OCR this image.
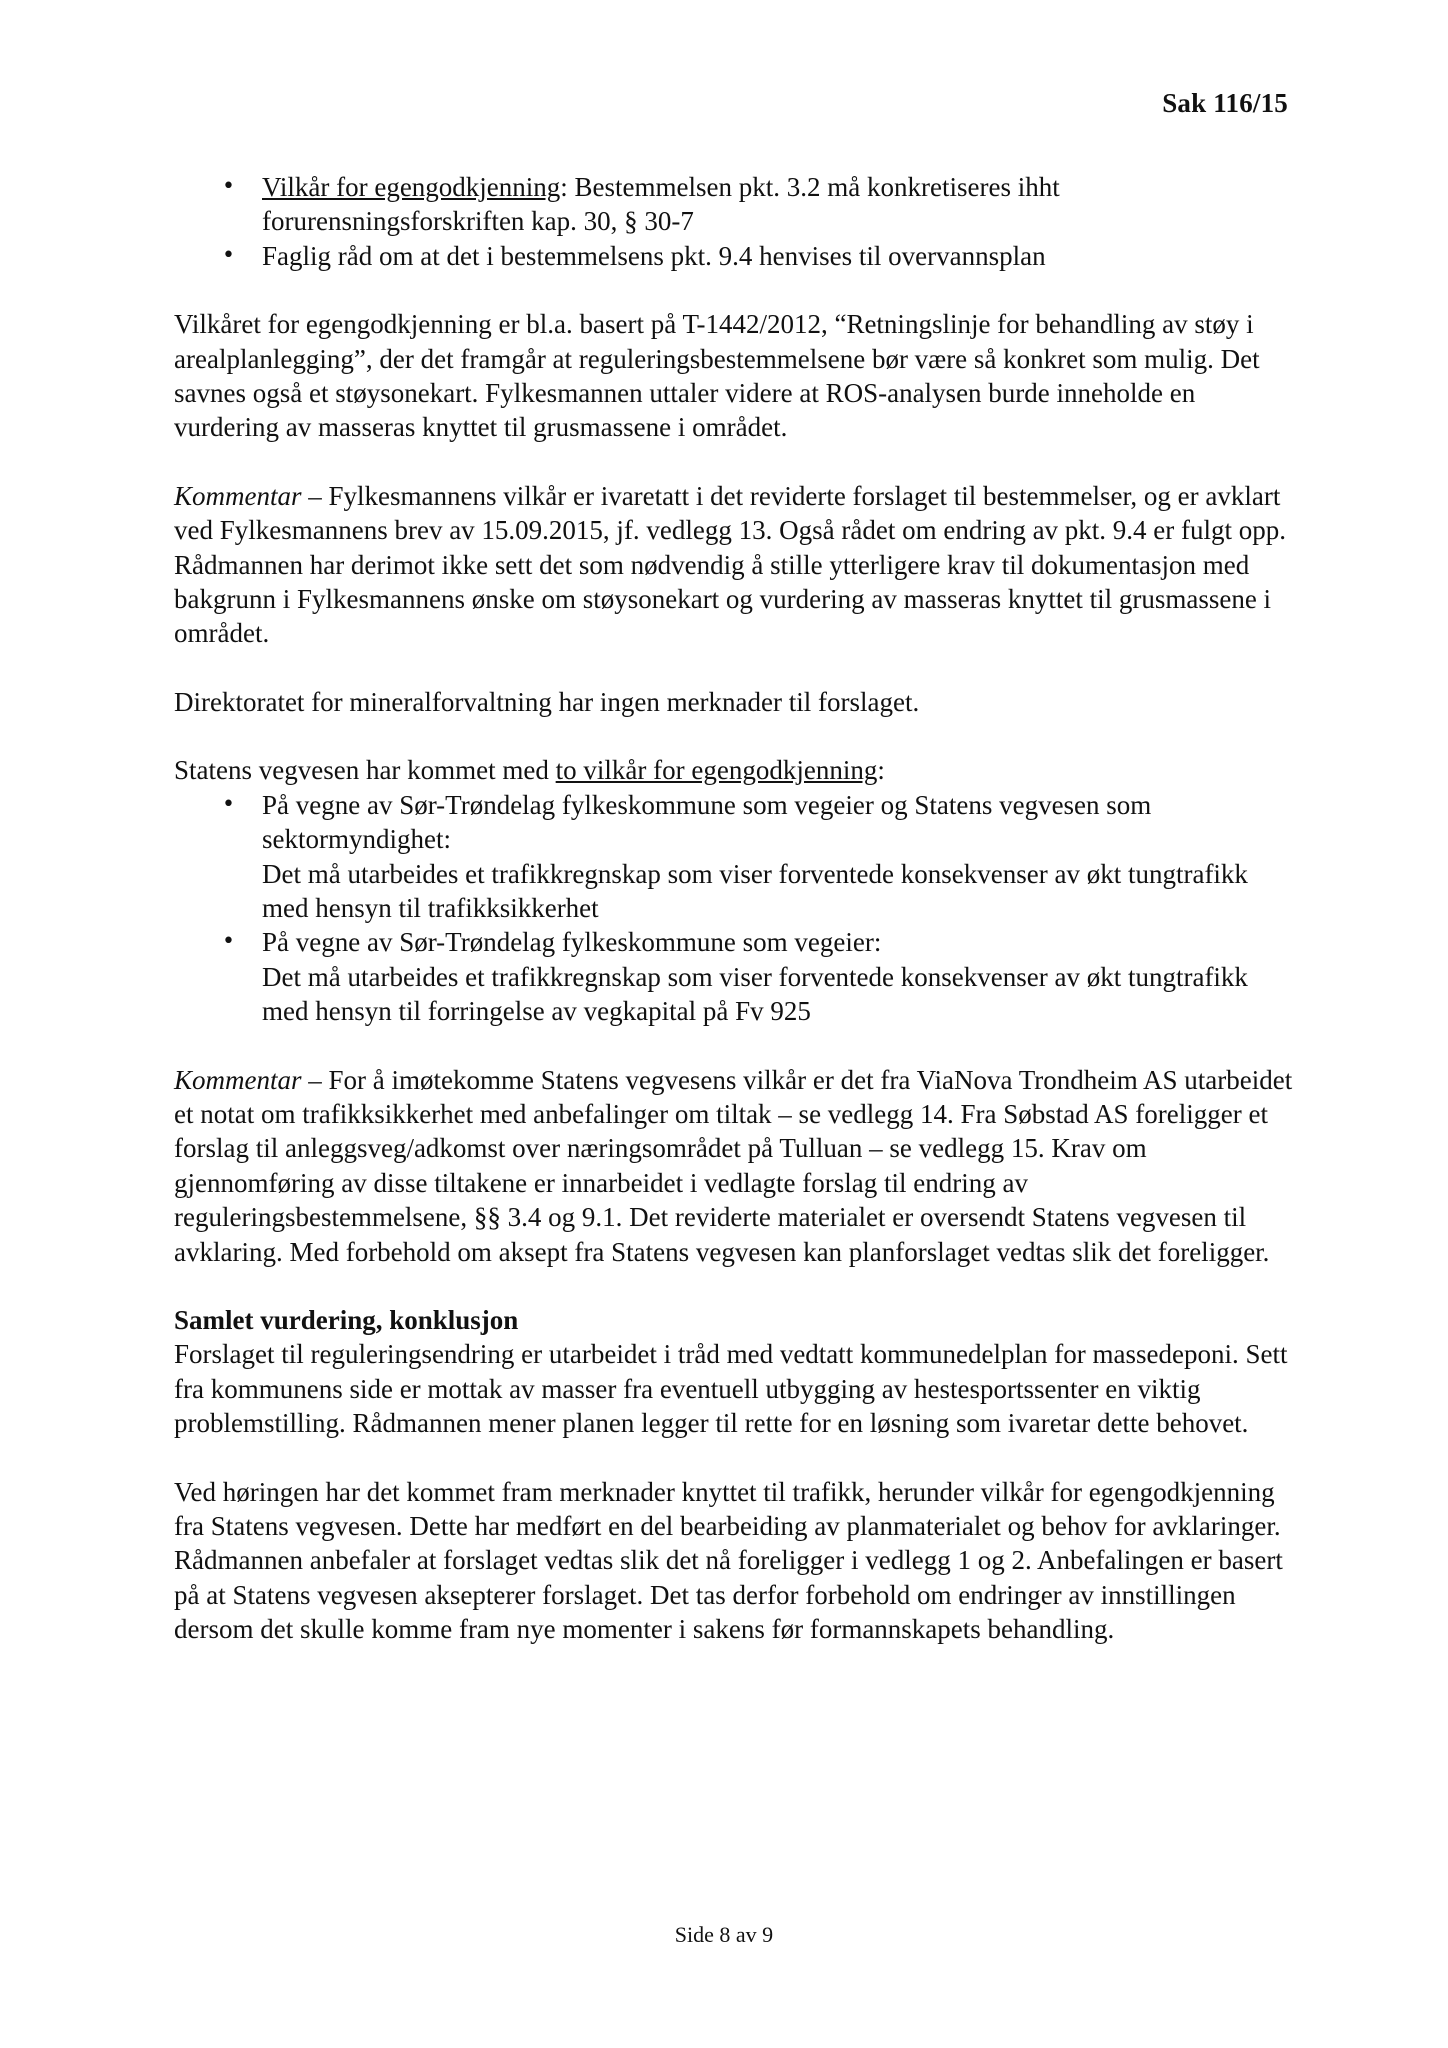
Sak 116/15
• Vilkår for egengodkjenning: Bestemmelsen pkt. 3.2 må konkretiseres ihht forurensningsforskriften kap. 30, § 30-7
• Faglig råd om at det i bestemmelsens pkt. 9.4 henvises til overvannsplan

Vilkåret for egengodkjenning er bl.a. basert på T-1442/2012, “Retningslinje for behandling av støy i arealplanlegging”, der det framgår at reguleringsbestemmelsene bør være så konkret som mulig. Det savnes også et støysonekart. Fylkesmannen uttaler videre at ROS-analysen burde inneholde en vurdering av masseras knyttet til grusmassene i området.

Kommentar – Fylkesmannens vilkår er ivaretatt i det reviderte forslaget til bestemmelser, og er avklart ved Fylkesmannens brev av 15.09.2015, jf. vedlegg 13. Også rådet om endring av pkt. 9.4 er fulgt opp. Rådmannen har derimot ikke sett det som nødvendig å stille ytterligere krav til dokumentasjon med bakgrunn i Fylkesmannens ønske om støysonekart og vurdering av masseras knyttet til grusmassene i området.

Direktoratet for mineralforvaltning har ingen merknader til forslaget.

Statens vegvesen har kommet med to vilkår for egengodkjenning:

• På vegne av Sør-Trøndelag fylkeskommune som vegeier og Statens vegvesen som sektormyndighet:
Det må utarbeides et trafikkregnskap som viser forventede konsekvenser av økt tungtrafikk med hensyn til trafikksikkerhet
• På vegne av Sør-Trøndelag fylkeskommune som vegeier:
Det må utarbeides et trafikkregnskap som viser forventede konsekvenser av økt tungtrafikk med hensyn til forringelse av vegkapital på Fv 925

Kommentar – For å imøtekomme Statens vegvesens vilkår er det fra ViaNova Trondheim AS utarbeidet et notat om trafikksikkerhet med anbefalinger om tiltak – se vedlegg 14. Fra Søbstad AS foreligger et forslag til anleggsveg/adkomst over næringsområdet på Tulluan – se vedlegg 15. Krav om gjennomføring av disse tiltakene er innarbeidet i vedlagte forslag til endring av reguleringsbestemmelsene, §§ 3.4 og 9.1. Det reviderte materialet er oversendt Statens vegvesen til avklaring. Med forbehold om aksept fra Statens vegvesen kan planforslaget vedtas slik det foreligger.

Samlet vurdering, konklusjon

Forslaget til reguleringsendring er utarbeidet i tråd med vedtatt kommunedelplan for massedeponi. Sett fra kommunens side er mottak av masser fra eventuell utbygging av hestesportssenter en viktig problemstilling. Rådmannen mener planen legger til rette for en løsning som ivaretar dette behovet.

Ved høringen har det kommet fram merknader knyttet til trafikk, herunder vilkår for egengodkjenning fra Statens vegvesen. Dette har medført en del bearbeiding av planmaterialet og behov for avklaringer. Rådmannen anbefaler at forslaget vedtas slik det nå foreligger i vedlegg 1 og 2. Anbefalingen er basert på at Statens vegvesen aksepterer forslaget. Det tas derfor forbehold om endringer av innstillingen dersom det skulle komme fram nye momenter i sakens før formannskapets behandling.

Side 8 av 9
